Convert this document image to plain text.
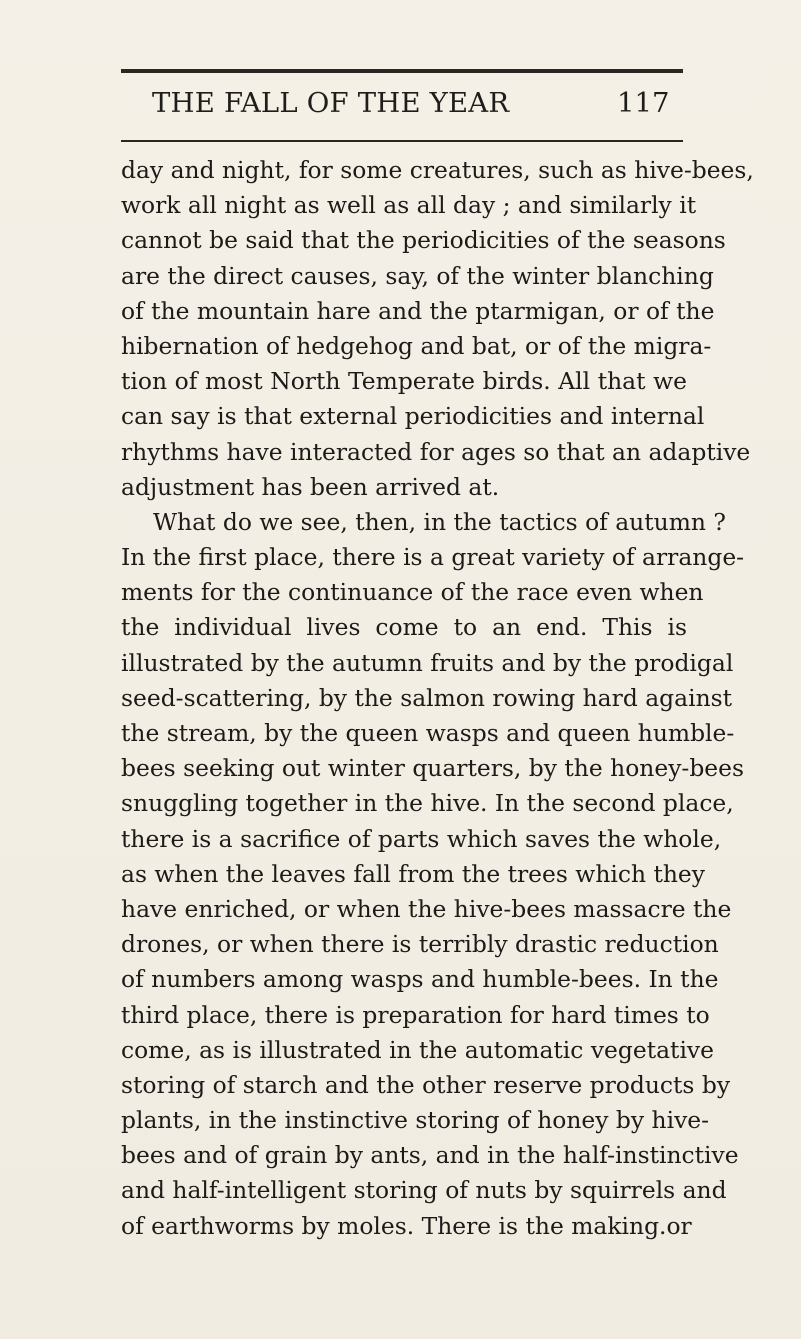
THE FALL OF THE YEAR	117
day and night, for some creatures, such as hive-bees,
work all night as well as all day ; and similarly it
cannot be said that the periodicities of the seasons
are the direct causes, say, of the winter blanching
of the mountain hare and the ptarmigan, or of the
hibernation of hedgehog and bat, or of the migra-
tion of most North Temperate birds. All that we
can say is that external periodicities and internal
rhythms have interacted for ages so that an adaptive
adjustment has been arrived at.
What do we see, then, in the tactics of autumn ?
In the first place, there is a great variety of arrange-
ments for the continuance of the race even when
the individual lives come to an end. This is
illustrated by the autumn fruits and by the prodigal
seed-scattering, by the salmon rowing hard against
the stream, by the queen wasps and queen humble-
bees seeking out winter quarters, by the honey-bees
snuggling together in the hive. In the second place,
there is a sacrifice of parts which saves the whole,
as when the leaves fall from the trees which they
have enriched, or when the hive-bees massacre the
drones, or when there is terribly drastic reduction
of numbers among wasps and humble-bees. In the
third place, there is preparation for hard times to
come, as is illustrated in the automatic vegetative
storing of starch and the other reserve products by
plants, in the instinctive storing of honey by hive-
bees and of grain by ants, and in the half-instinctive
and half-intelligent storing of nuts by squirrels and
of earthworms by moles. There is the making.or
